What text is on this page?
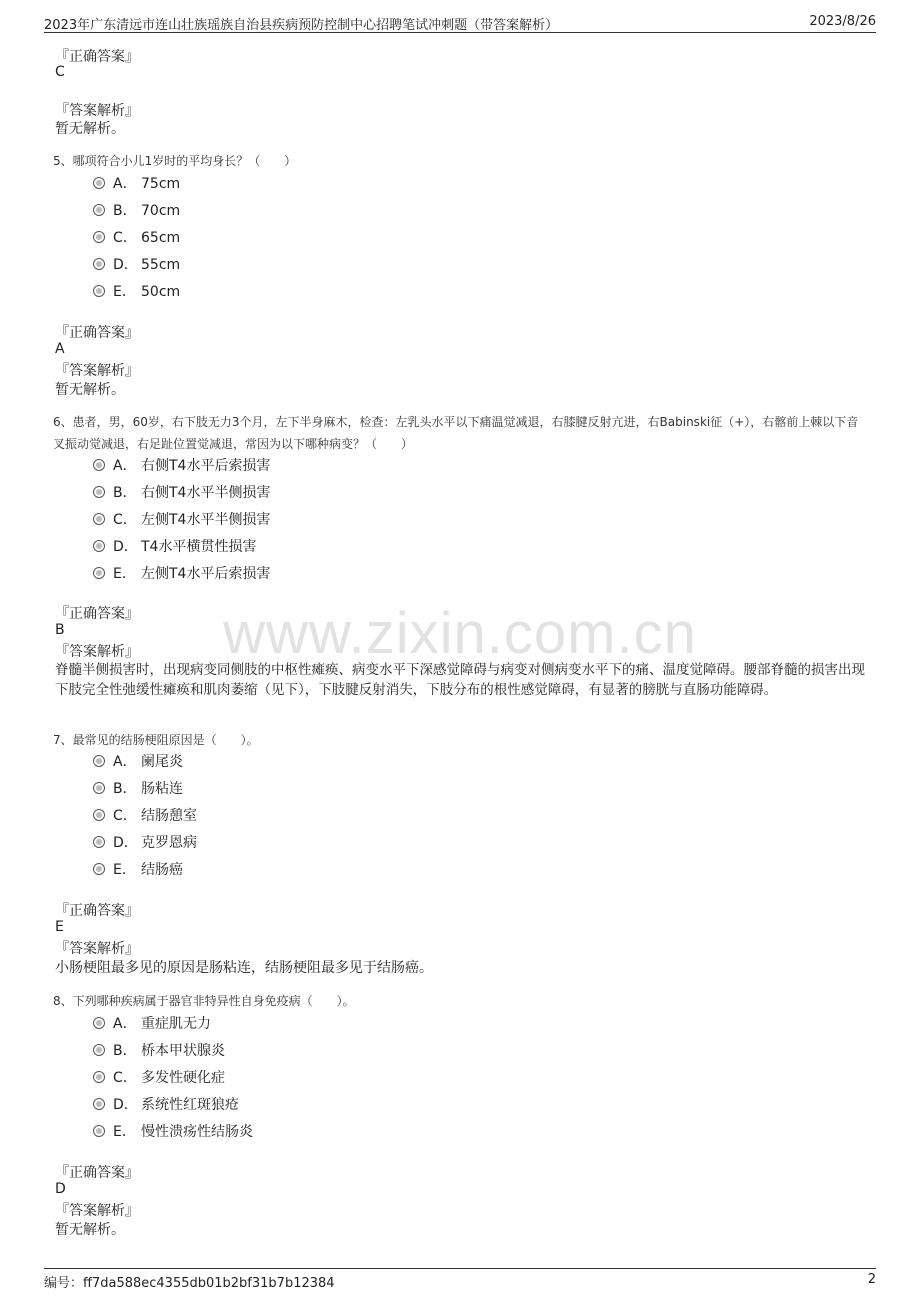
2023年广东清远市连山壮族瑶族自治县疾病预防控制中心招聘笔试冲刺题（带答案解析）	2023/8/26
www.zixin.com.cn
『正确答案』
C
『答案解析』
暂无解析。
5、哪项符合小儿1岁时的平均身长？（　　）
A． 75cm
B． 70cm
C． 65cm
D． 55cm
E． 50cm
『正确答案』
A
『答案解析』
暂无解析。
6、患者，男，60岁，右下肢无力3个月，左下半身麻木，检查：左乳头水平以下痛温觉减退，右膝腱反射亢进，右Babinski征（+），右髂前上棘以下音叉振动觉减退，右足趾位置觉减退，常因为以下哪种病变？（　　）
A． 右侧T4水平后索损害
B． 右侧T4水平半侧损害
C． 左侧T4水平半侧损害
D． T4水平横贯性损害
E． 左侧T4水平后索损害
『正确答案』
B
『答案解析』
脊髓半侧损害时，出现病变同侧肢的中枢性瘫痪、病变水平下深感觉障碍与病变对侧病变水平下的痛、温度觉障碍。腰部脊髓的损害出现下肢完全性弛缓性瘫痪和肌肉萎缩（见下），下肢腱反射消失，下肢分布的根性感觉障碍，有显著的膀胱与直肠功能障碍。
7、最常见的结肠梗阻原因是（　　）。
A． 阑尾炎
B． 肠粘连
C． 结肠憩室
D． 克罗恩病
E． 结肠癌
『正确答案』
E
『答案解析』
小肠梗阻最多见的原因是肠粘连，结肠梗阻最多见于结肠癌。
8、下列哪种疾病属于器官非特异性自身免疫病（　　）。
A． 重症肌无力
B． 桥本甲状腺炎
C． 多发性硬化症
D． 系统性红斑狼疮
E． 慢性溃疡性结肠炎
『正确答案』
D
『答案解析』
暂无解析。
编号：ff7da588ec4355db01b2bf31b7b12384	2
